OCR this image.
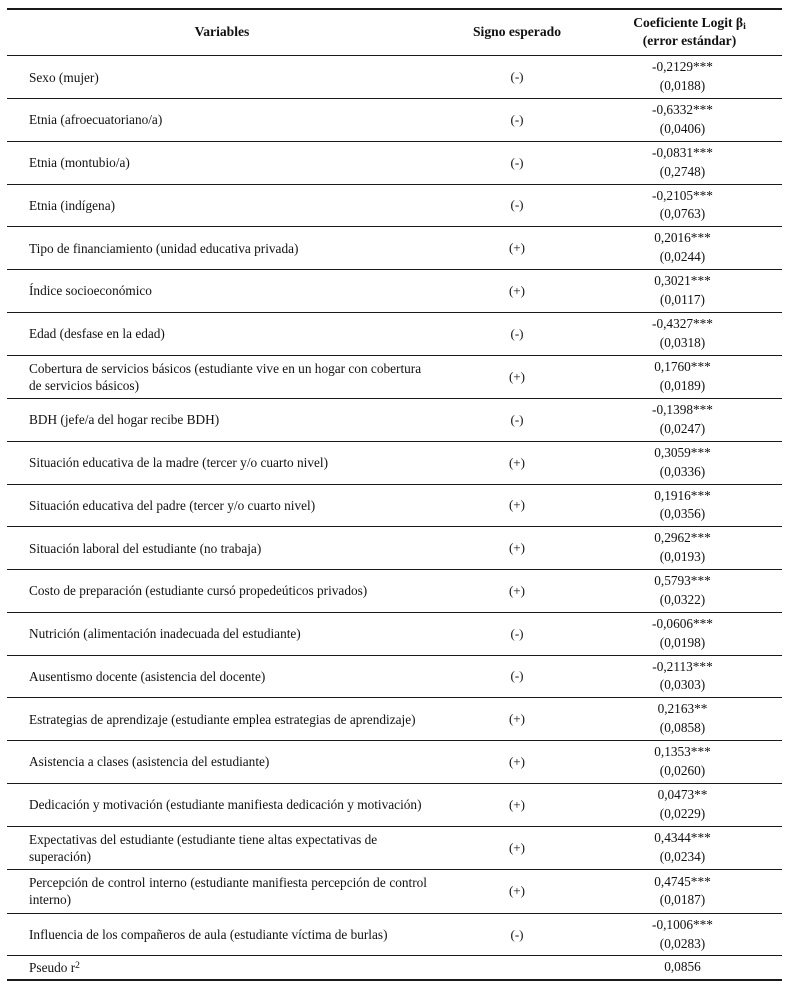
Variables	Signo esperado	Coeficiente Logit $\beta_i$
(error estándar)

Sexo (mujer)	(-)	-0,2129***
(0,0188)

Etnia (afroecuatoriano/a)	(-)	-0,6332***
(0,0406)

Etnia (montubio/a)	(-)	-0,0831***
(0,2748)

Etnia (indígena)	(-)	-0,2105***
(0,0763)

Tipo de financiamiento (unidad educativa privada)	(+)	0,2016***
(0,0244)

Índice socioeconómico	(+)	0,3021***
(0,0117)

Edad (desfase en la edad)	(-)	-0,4327***
(0,0318)

Cobertura de servicios básicos (estudiante vive en un hogar con cobertura de servicios básicos)	(+)	0,1760***
(0,0189)

BDH (jefe/a del hogar recibe BDH)	(-)	-0,1398***
(0,0247)

Situación educativa de la madre (tercer y/o cuarto nivel)	(+)	0,3059***
(0,0336)

Situación educativa del padre (tercer y/o cuarto nivel)	(+)	0,1916***
(0,0356)

Situación laboral del estudiante (no trabaja)	(+)	0,2962***
(0,0193)

Costo de preparación (estudiante cursó propedeúticos privados)	(+)	0,5793***
(0,0322)

Nutrición (alimentación inadecuada del estudiante)	(-)	-0,0606***
(0,0198)

Ausentismo docente (asistencia del docente)	(-)	-0,2113***
(0,0303)

Estrategias de aprendizaje (estudiante emplea estrategias de aprendizaje)	(+)	0,2163**
(0,0858)

Asistencia a clases (asistencia del estudiante)	(+)	0,1353***
(0,0260)

Dedicación y motivación (estudiante manifiesta dedicación y motivación)	(+)	0,0473**
(0,0229)

Expectativas del estudiante (estudiante tiene altas expectativas de superación)	(+)	0,4344***
(0,0234)

Percepción de control interno (estudiante manifiesta percepción de control interno)	(+)	0,4745***
(0,0187)

Influencia de los compañeros de aula (estudiante víctima de burlas)	(-)	-0,1006***
(0,0283)

Pseudo $r^2$		0,0856
